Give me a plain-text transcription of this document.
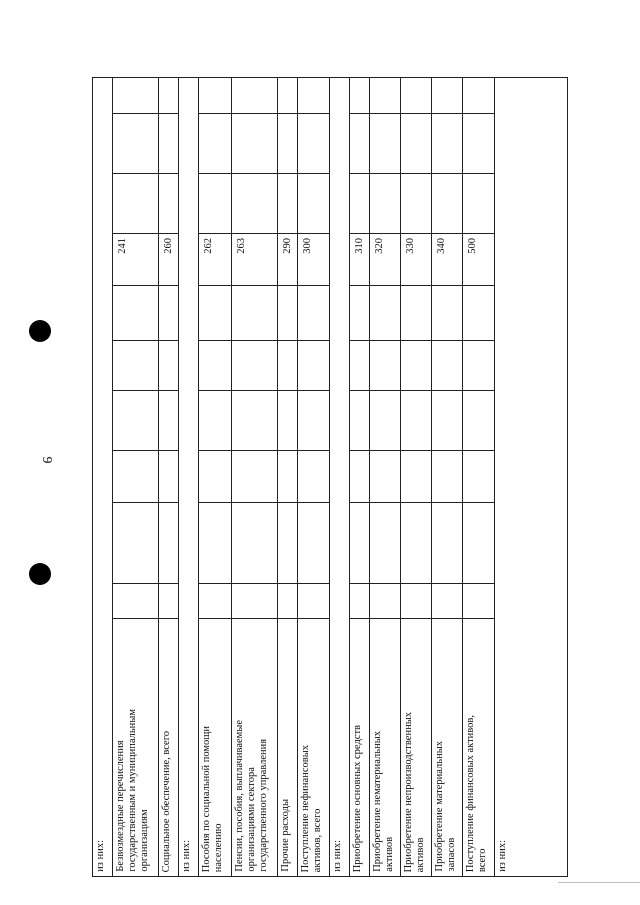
9
из них: Безвозмездные перечисления
государственным и муниципальным
организациям
241
Социальное обеспечение, всего
260
из них: Пособия по социальной помощи
населению
262
Пенсии, пособия, выплачиваемые
организациями сектора
государственного управления
263
Прочие расходы
290
Поступление нефинансовых
активов, всего
300
из них: Приобретение основных средств
310
Приобретение нематериальных
активов
320
Приобретение непроизводственных
активов
330
Приобретение материальных
запасов
340
Поступление финансовых активов,
всего
500
из них:
